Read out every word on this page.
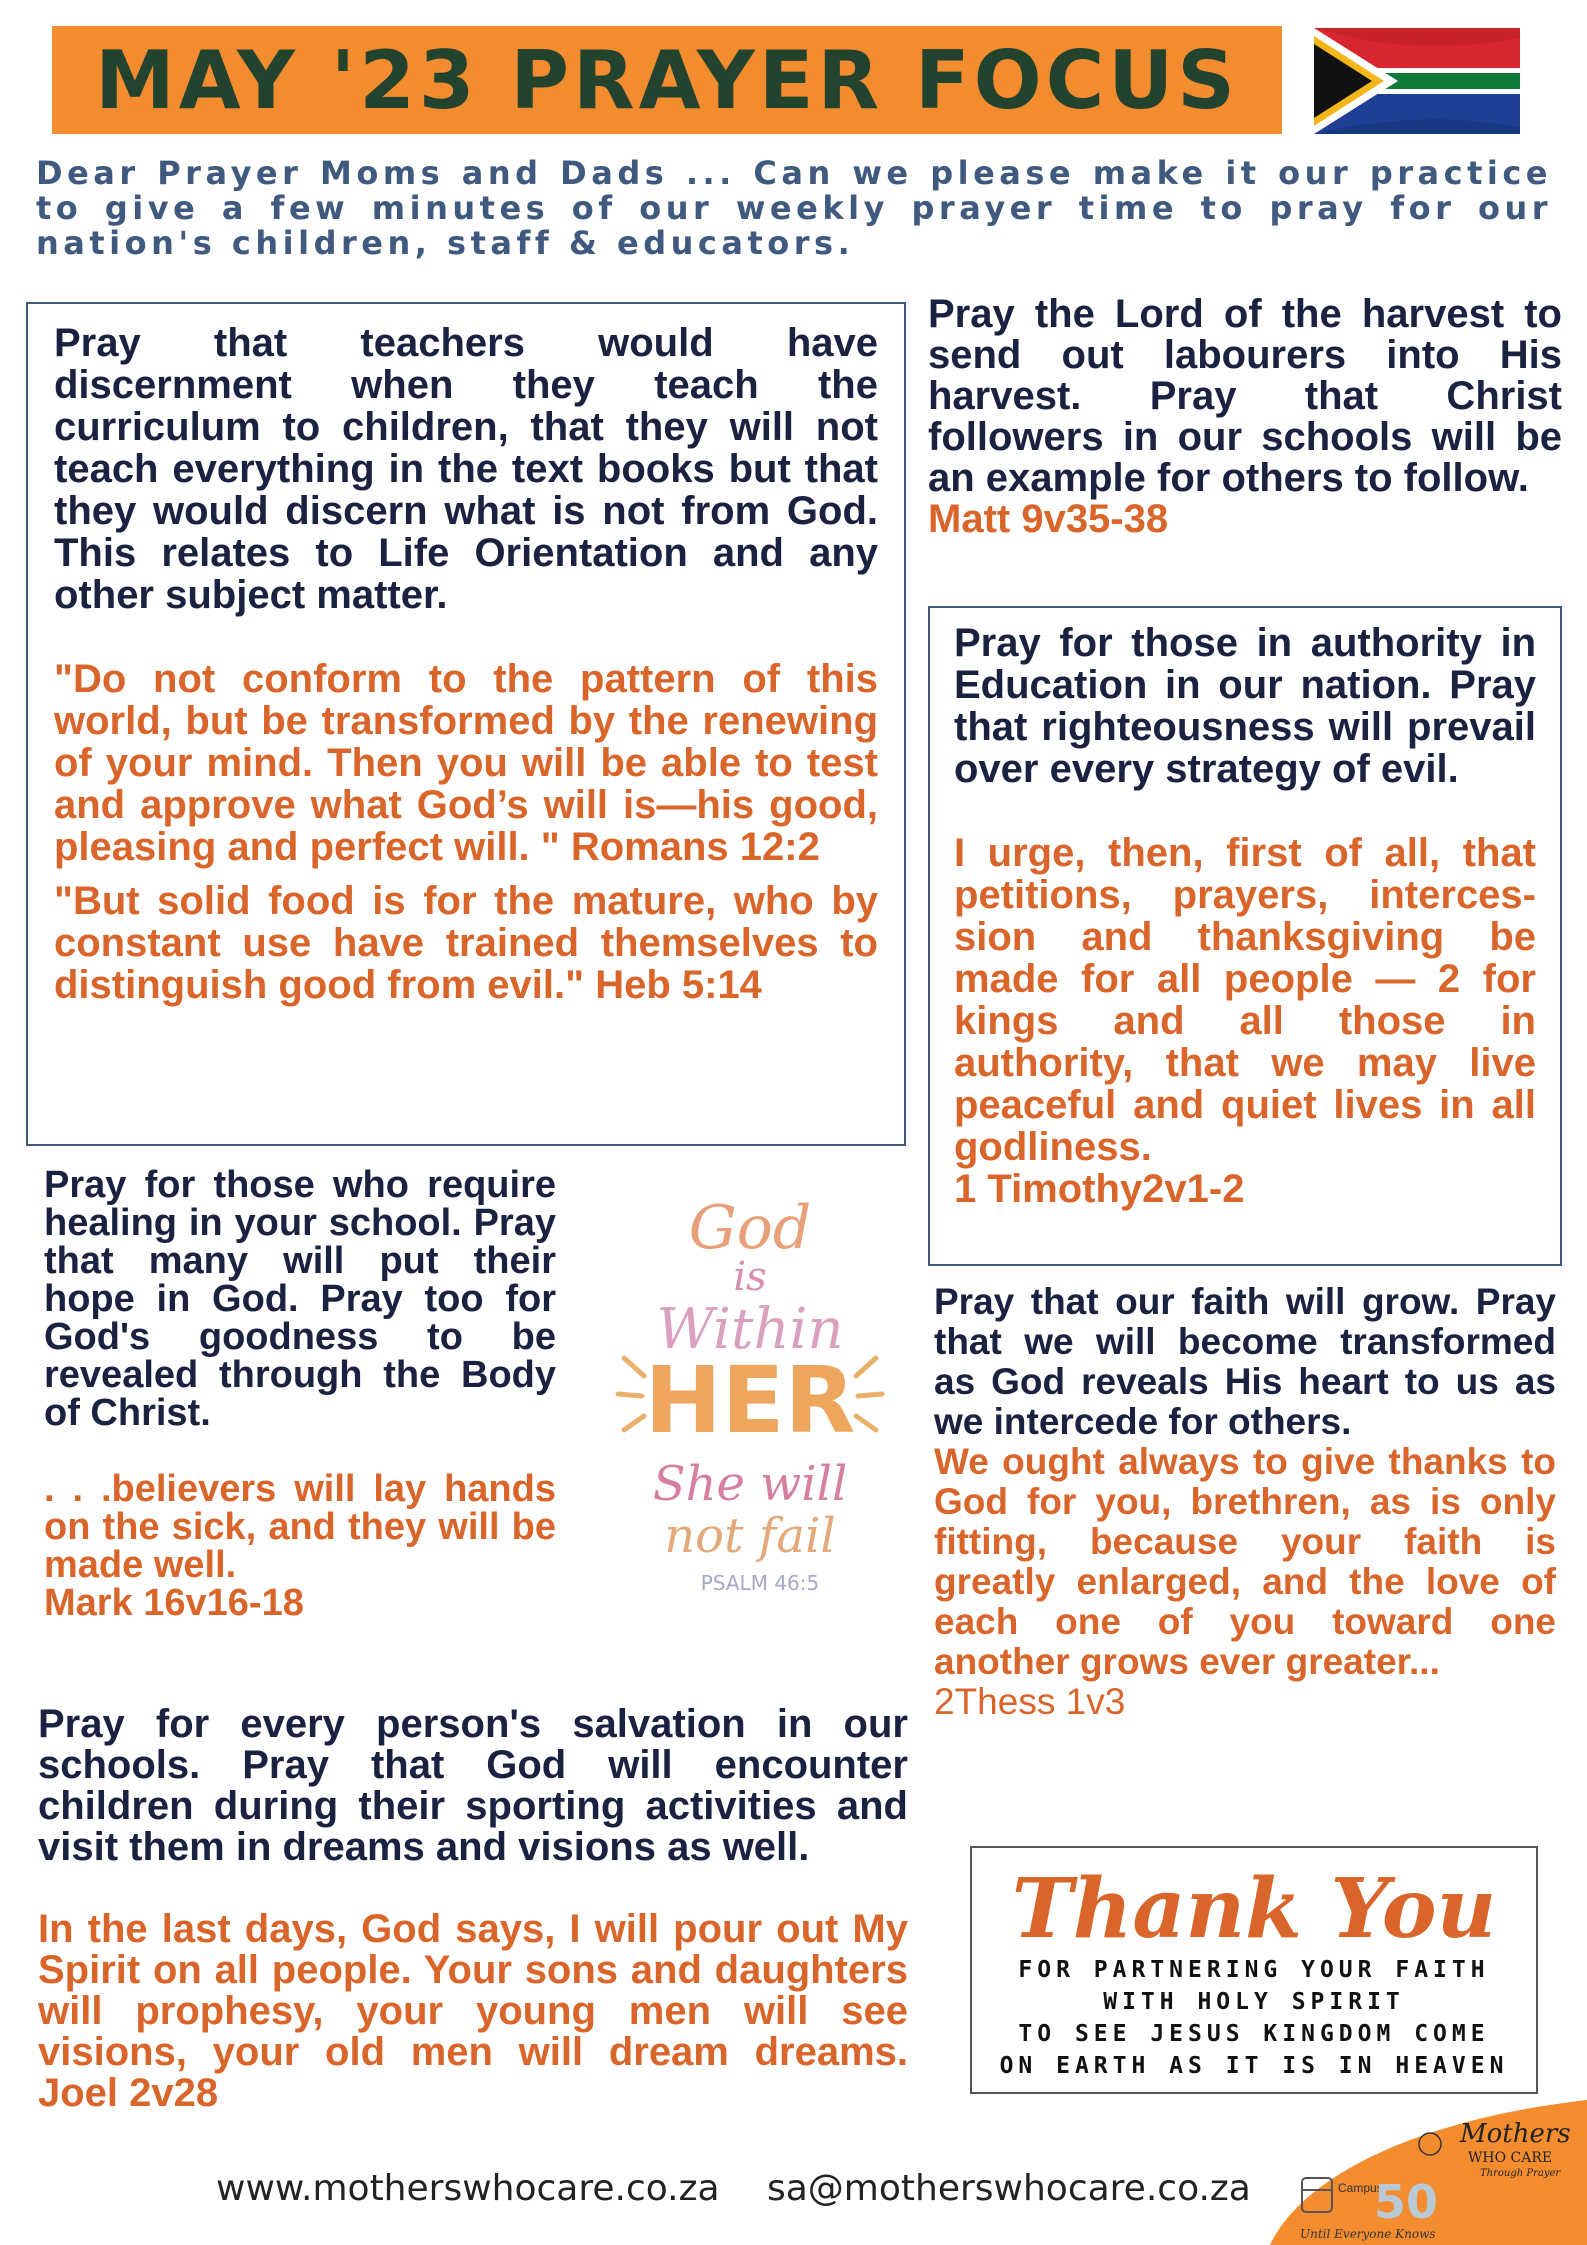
MAY '23 PRAYER FOCUS

Dear Prayer Moms and Dads ... Can we please make it our practice to give a few minutes of our weekly prayer time to pray for our nation's children, staff & educators.

Pray that teachers would have discernment when they teach the curriculum to children, that they will not teach everything in the text books but that they would discern what is not from God. This relates to Life Orientation and any other subject matter.

"Do not conform to the pattern of this world, but be transformed by the renewing of your mind. Then you will be able to test and approve what God’s will is—his good, pleasing and perfect will. " Romans 12:2

"But solid food is for the mature, who by constant use have trained themselves to distinguish good from evil." Heb 5:14

Pray the Lord of the harvest to send out labourers into His harvest. Pray that Christ followers in our schools will be an example for others to follow.

Matt 9v35-38

Pray for those in authority in Education in our nation. Pray that righteousness will prevail over every strategy of evil.

I urge, then, first of all, that petitions, prayers, interces-sion and thanksgiving be made for all people — 2 for kings and all those in authority, that we may live peaceful and quiet lives in all godliness.

1 Timothy2v1-2

Pray for those who require healing in your school. Pray that many will put their hope in God. Pray too for God's goodness to be revealed through the Body of Christ.

. . .believers will lay hands on the sick, and they will be made well.

Mark 16v16-18

God
is
Within
HER
She will
not fail
PSALM 46:5

Pray that our faith will grow. Pray that we will become transformed as God reveals His heart to us as we intercede for others.

We ought always to give thanks to God for you, brethren, as is only fitting, because your faith is greatly enlarged, and the love of each one of you toward one another grows ever greater...

2Thess 1v3

Pray for every person's salvation in our schools. Pray that God will encounter children during their sporting activities and visit them in dreams and visions as well.

In the last days, God says, I will pour out My Spirit on all people. Your sons and daughters will prophesy, your young men will see visions, your old men will dream dreams. Joel 2v28

Thank You
FOR PARTNERING YOUR FAITH
WITH HOLY SPIRIT
TO SEE JESUS KINGDOM COME
ON EARTH AS IT IS IN HEAVEN
www.motherswhocare.co.za sa@motherswhocare.co.za	Campus
50
Until Everyone Knows
Mothers
WHO CARE
Through Prayer
